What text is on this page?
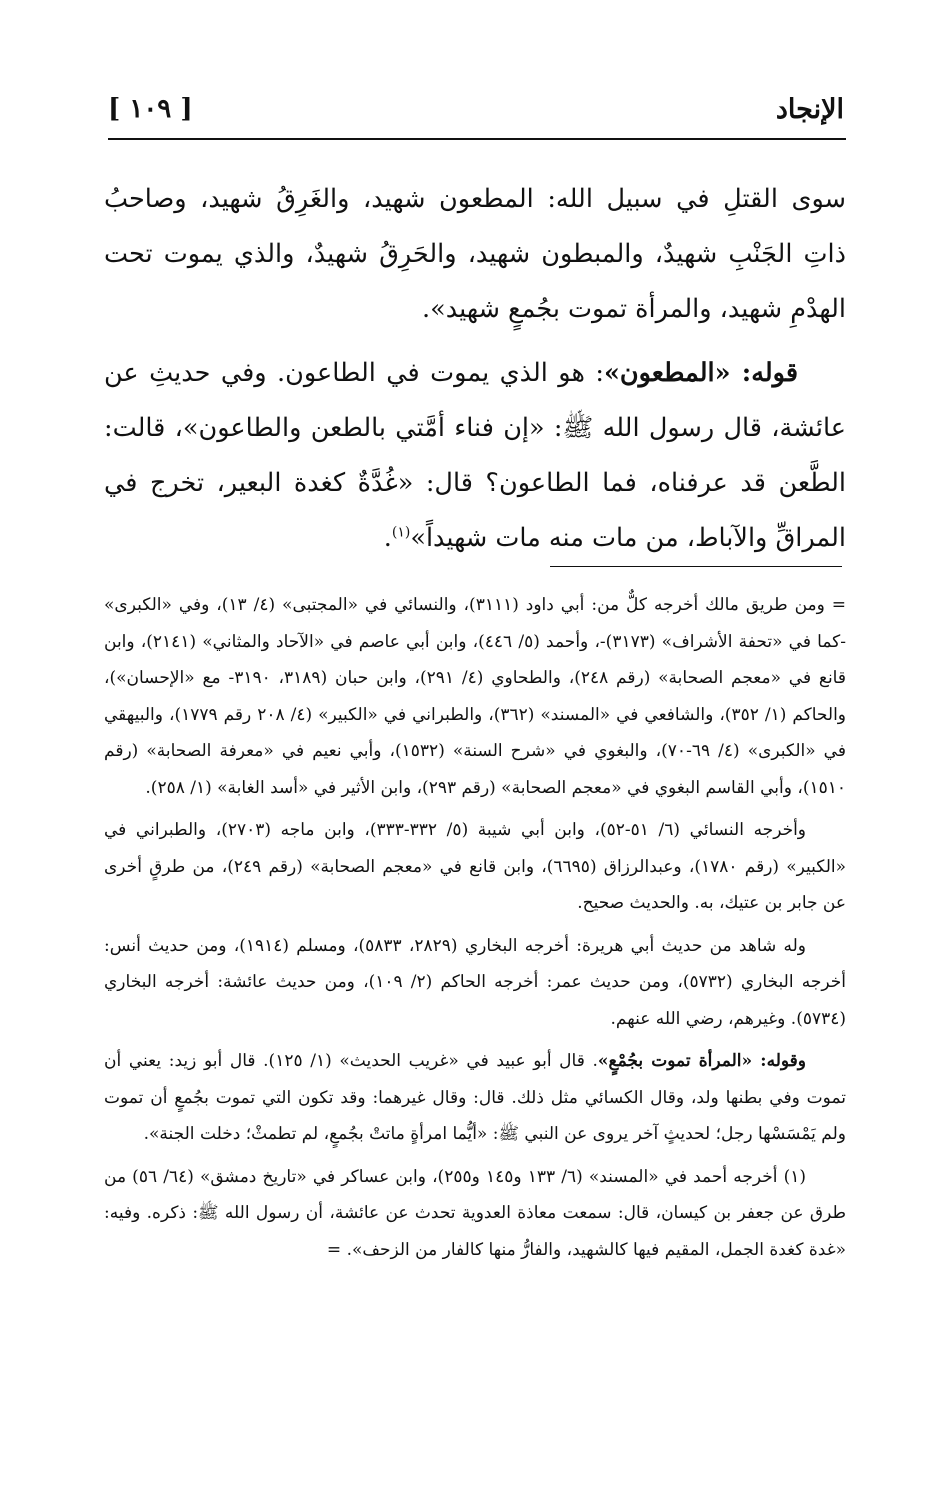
الإنجاد
[ ١٠٩ ]

سوى القتلِ في سبيل الله: المطعون شهيد، والغَرِقُ شهيد، وصاحبُ ذاتِ الجَنْبِ شهيدٌ، والمبطون شهيد، والحَرِقُ شهيدٌ، والذي يموت تحت الهدْمِ شهيد، والمرأة تموت بجُمعٍ شهيد».

قوله: «المطعون»: هو الذي يموت في الطاعون. وفي حديثِ عن عائشة، قال رسول الله ﷺ: «إن فناء أمَّتي بالطعن والطاعون»، قالت: الطَّعن قد عرفناه، فما الطاعون؟ قال: «غُدَّةٌ كغدة البعير، تخرج في المراقِّ والآباط، من مات منه مات شهيداً»$^{(١)}$.

= ومن طريق مالك أخرجه كلٌّ من: أبي داود (٣١١١)، والنسائي في «المجتبى» (٤/ ١٣)، وفي «الكبرى» -كما في «تحفة الأشراف» (٣١٧٣)-، وأحمد (٥/ ٤٤٦)، وابن أبي عاصم في «الآحاد والمثاني» (٢١٤١)، وابن قانع في «معجم الصحابة» (رقم ٢٤٨)، والطحاوي (٤/ ٢٩١)، وابن حبان (٣١٨٩، ٣١٩٠- مع «الإحسان»)، والحاكم (١/ ٣٥٢)، والشافعي في «المسند» (٣٦٢)، والطبراني في «الكبير» (٤/ ٢٠٨ رقم ١٧٧٩)، والبيهقي في «الكبرى» (٤/ ٦٩-٧٠)، والبغوي في «شرح السنة» (١٥٣٢)، وأبي نعيم في «معرفة الصحابة» (رقم ١٥١٠)، وأبي القاسم البغوي في «معجم الصحابة» (رقم ٢٩٣)، وابن الأثير في «أسد الغابة» (١/ ٢٥٨).

وأخرجه النسائي (٦/ ٥١-٥٢)، وابن أبي شيبة (٥/ ٣٣٢-٣٣٣)، وابن ماجه (٢٧٠٣)، والطبراني في «الكبير» (رقم ١٧٨٠)، وعبدالرزاق (٦٦٩٥)، وابن قانع في «معجم الصحابة» (رقم ٢٤٩)، من طرقٍ أخرى عن جابر بن عتيك، به. والحديث صحيح.

وله شاهد من حديث أبي هريرة: أخرجه البخاري (٢٨٢٩، ٥٨٣٣)، ومسلم (١٩١٤)، ومن حديث أنس: أخرجه البخاري (٥٧٣٢)، ومن حديث عمر: أخرجه الحاكم (٢/ ١٠٩)، ومن حديث عائشة: أخرجه البخاري (٥٧٣٤). وغيرهم، رضي الله عنهم.

وقوله: «المرأة تموت بجُمْعٍ». قال أبو عبيد في «غريب الحديث» (١/ ١٢٥). قال أبو زيد: يعني أن تموت وفي بطنها ولد، وقال الكسائي مثل ذلك. قال: وقال غيرهما: وقد تكون التي تموت بجُمعٍ أن تموت ولم يَمْسَسْها رجل؛ لحديثٍ آخر يروى عن النبي ﷺ: «أيُّما امرأةٍ ماتتْ بجُمعٍ، لم تطمثْ؛ دخلت الجنة».

(١) أخرجه أحمد في «المسند» (٦/ ١٣٣ و١٤٥ و٢٥٥)، وابن عساكر في «تاريخ دمشق» (٦٤/ ٥٦) من طرق عن جعفر بن كيسان، قال: سمعت معاذة العدوية تحدث عن عائشة، أن رسول الله ﷺ: ذكره. وفيه: «غدة كغدة الجمل، المقيم فيها كالشهيد، والفارُّ منها كالفار من الزحف». =
